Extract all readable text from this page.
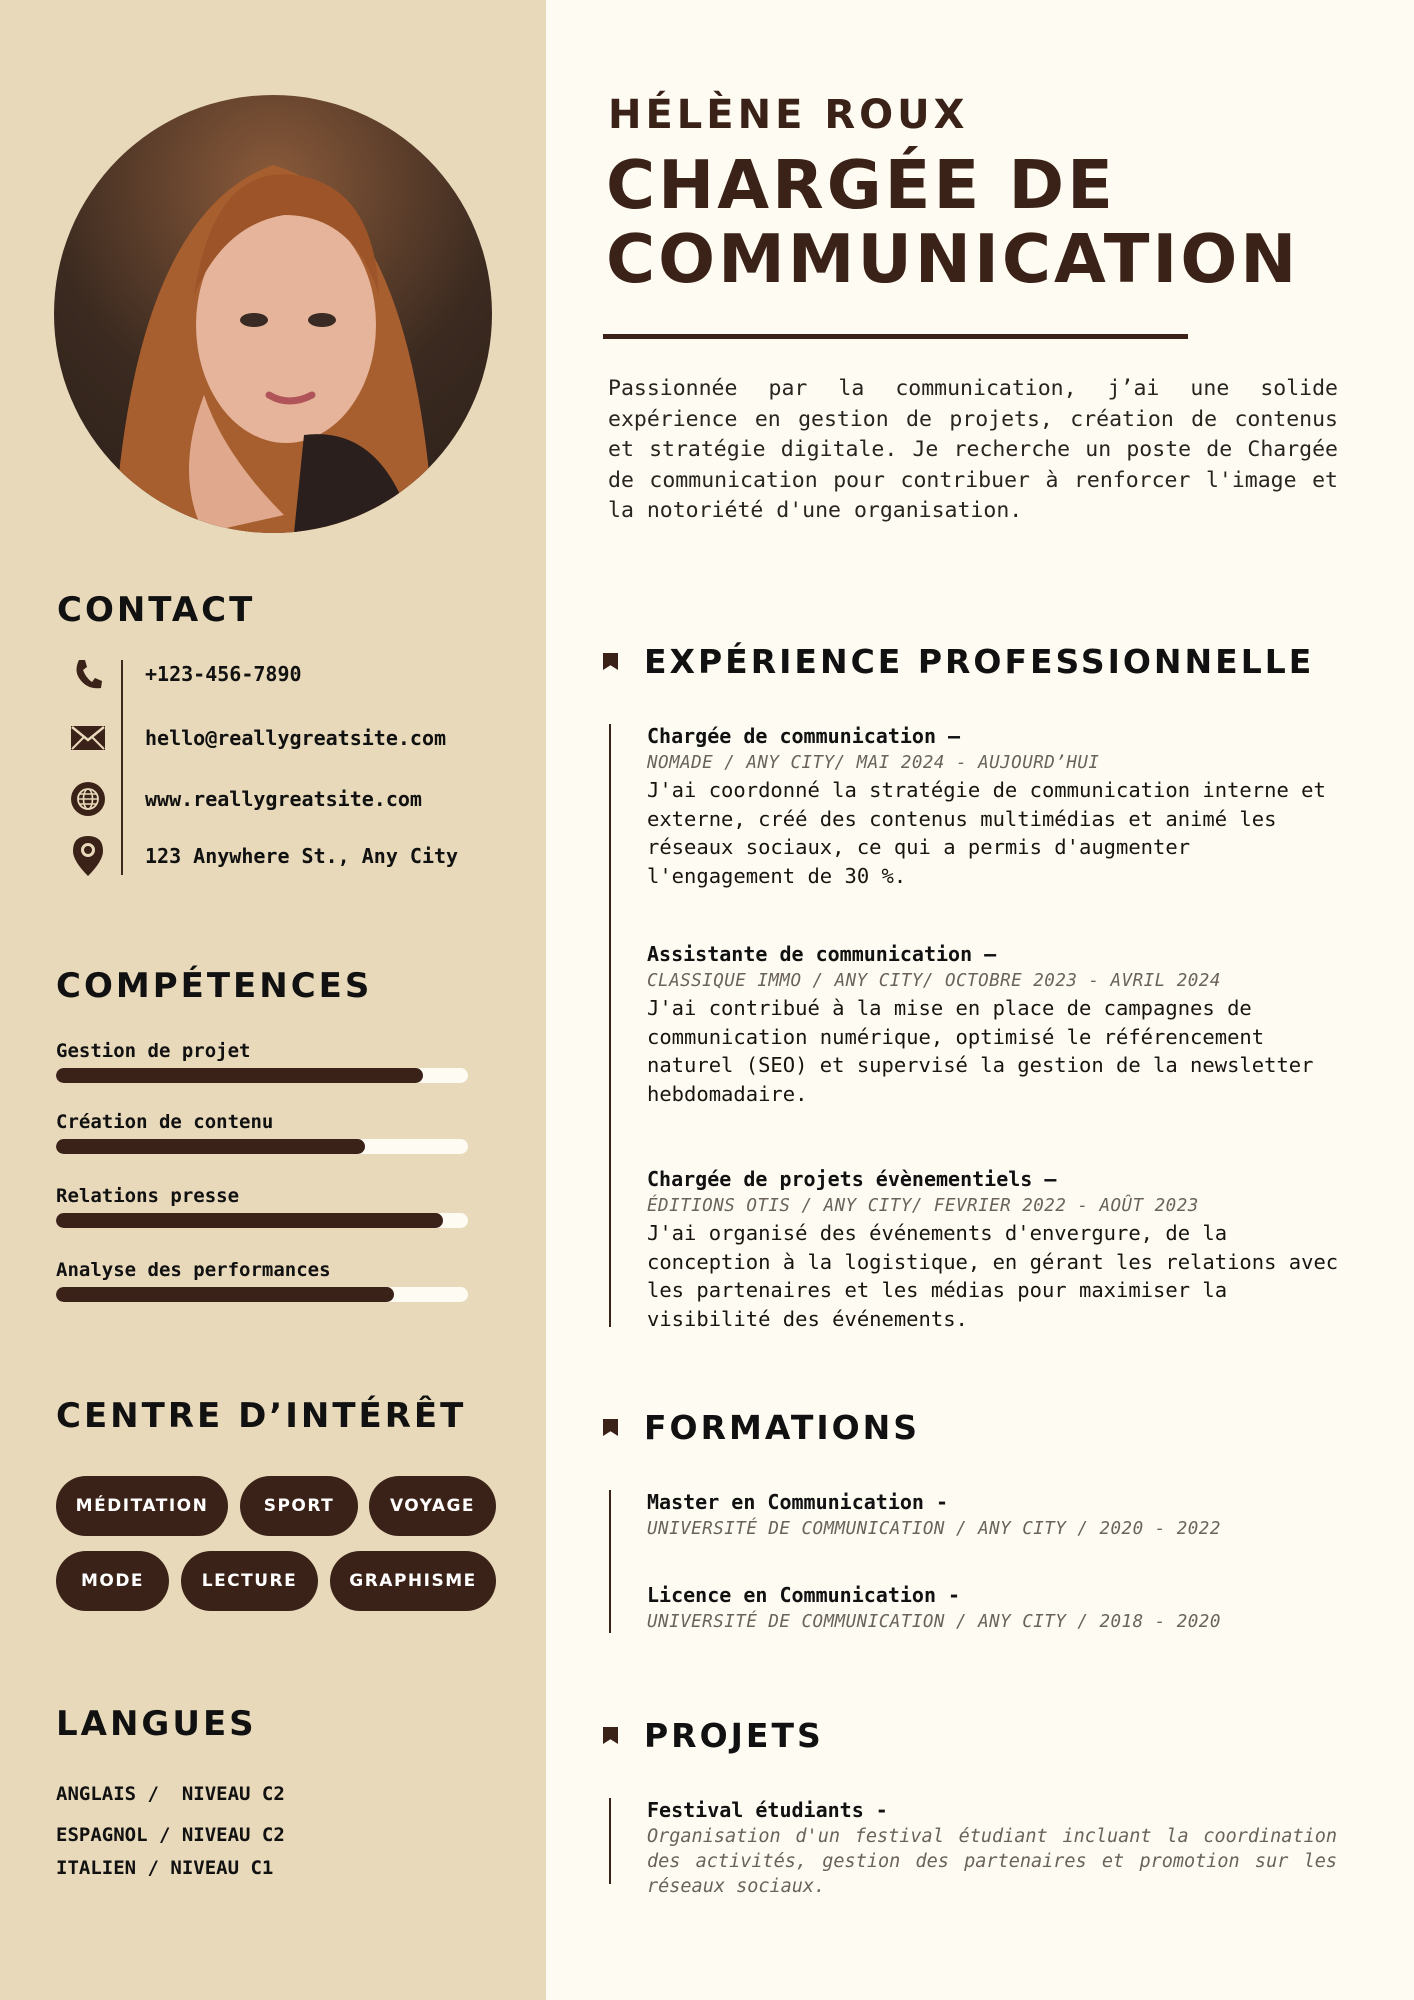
CONTACT
+123-456-7890
hello@reallygreatsite.com
www.reallygreatsite.com
123 Anywhere St., Any City
COMPÉTENCES
Gestion de projet
Création de contenu
Relations presse
Analyse des performances
CENTRE D’INTÉRÊT
MÉDITATION	SPORT	VOYAGE
MODE	LECTURE	GRAPHISME
LANGUES
ANGLAIS /  NIVEAU C2
ESPAGNOL / NIVEAU C2
ITALIEN / NIVEAU C1
HÉLÈNE ROUX
CHARGÉE DE
COMMUNICATION
Passionnée par la communication, j’ai une solide expérience en gestion de projets, création de contenus et stratégie digitale. Je recherche un poste de Chargée de communication pour contribuer à renforcer l'image et la notoriété d'une organisation.
EXPÉRIENCE PROFESSIONNELLE
Chargée de communication –
NOMADE / ANY CITY/ MAI 2024 - AUJOURD’HUI
J'ai coordonné la stratégie de communication interne et externe, créé des contenus multimédias et animé les réseaux sociaux, ce qui a permis d'augmenter l'engagement de 30 %.
Assistante de communication –
CLASSIQUE IMMO / ANY CITY/ OCTOBRE 2023 - AVRIL 2024
J'ai contribué à la mise en place de campagnes de communication numérique, optimisé le référencement naturel (SEO) et supervisé la gestion de la newsletter hebdomadaire.
Chargée de projets évènementiels –
ÉDITIONS OTIS / ANY CITY/ FEVRIER 2022 - AOÛT 2023
J'ai organisé des événements d'envergure, de la conception à la logistique, en gérant les relations avec les partenaires et les médias pour maximiser la visibilité des événements.
FORMATIONS
Master en Communication -
UNIVERSITÉ DE COMMUNICATION / ANY CITY / 2020 - 2022
Licence en Communication -
UNIVERSITÉ DE COMMUNICATION / ANY CITY / 2018 - 2020
PROJETS
Festival étudiants -
Organisation d'un festival étudiant incluant la coordination des activités, gestion des partenaires et promotion sur les réseaux sociaux.
